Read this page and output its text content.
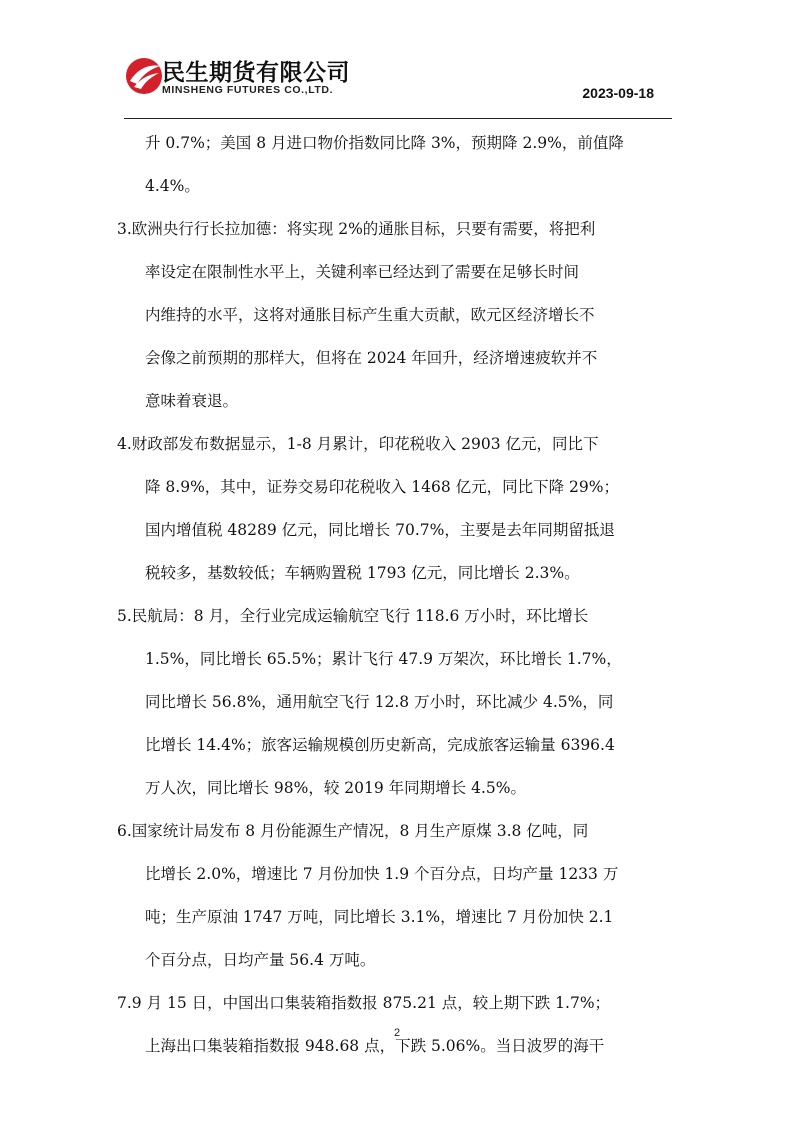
民生期货有限公司
MINSHENG FUTURES CO.,LTD.	2023-09-18
升 0.7%；美国 8 月进口物价指数同比降 3%，预期降 2.9%，前值降
4.4%。
3.欧洲央行行长拉加德：将实现 2%的通胀目标，只要有需要，将把利
率设定在限制性水平上，关键利率已经达到了需要在足够长时间
内维持的水平，这将对通胀目标产生重大贡献，欧元区经济增长不
会像之前预期的那样大，但将在 2024 年回升，经济增速疲软并不
意味着衰退。
4.财政部发布数据显示，1-8 月累计，印花税收入 2903 亿元，同比下
降 8.9%，其中，证券交易印花税收入 1468 亿元，同比下降 29%；
国内增值税 48289 亿元，同比增长 70.7%，主要是去年同期留抵退
税较多，基数较低；车辆购置税 1793 亿元，同比增长 2.3%。
5.民航局：8 月，全行业完成运输航空飞行 118.6 万小时，环比增长
1.5%，同比增长 65.5%；累计飞行 47.9 万架次，环比增长 1.7%，
同比增长 56.8%，通用航空飞行 12.8 万小时，环比减少 4.5%，同
比增长 14.4%；旅客运输规模创历史新高，完成旅客运输量 6396.4
万人次，同比增长 98%，较 2019 年同期增长 4.5%。
6.国家统计局发布 8 月份能源生产情况，8 月生产原煤 3.8 亿吨，同
比增长 2.0%，增速比 7 月份加快 1.9 个百分点，日均产量 1233 万
吨；生产原油 1747 万吨，同比增长 3.1%，增速比 7 月份加快 2.1
个百分点，日均产量 56.4 万吨。
7.9 月 15 日，中国出口集装箱指数报 875.21 点，较上期下跌 1.7%；
上海出口集装箱指数报 948.68 点，下跌 5.06%。当日波罗的海干
2
